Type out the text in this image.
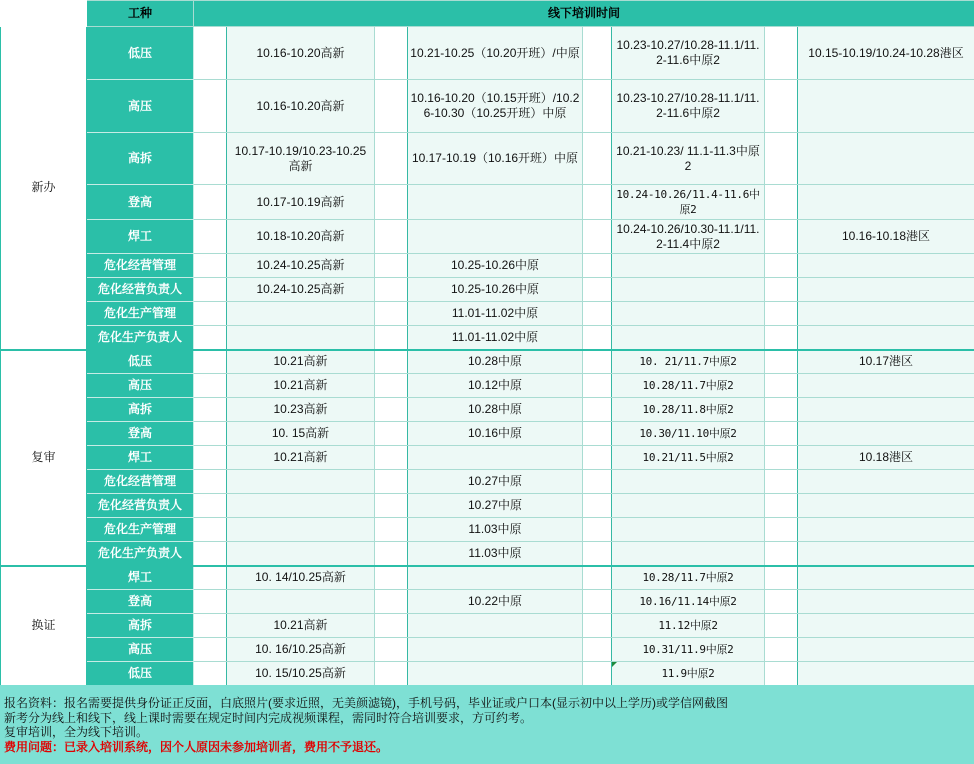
	工种	线下培训时间							
新办	低压		10.16-10.20高新		10.21-10.25（10.20开班）/中原		10.23-10.27/10.28-11.1/11.2-11.6中原2		10.15-10.19/10.24-10.28港区
	高压		10.16-10.20高新		10.16-10.20（10.15开班）/10.26-10.30（10.25开班）中原		10.23-10.27/10.28-11.1/11.2-11.6中原2		
	高拆		10.17-10.19/10.23-10.25高新		10.17-10.19（10.16开班）中原		10.21-10.23/ 11.1-11.3中原2		
	登高		10.17-10.19高新				10.24-10.26/11.4-11.6中原2		
	焊工		10.18-10.20高新				10.24-10.26/10.30-11.1/11.2-11.4中原2		10.16-10.18港区
	危化经营管理		10.24-10.25高新		10.25-10.26中原				
	危化经营负责人		10.24-10.25高新		10.25-10.26中原				
	危化生产管理				11.01-11.02中原				
	危化生产负责人				11.01-11.02中原				
复审	低压		10.21高新		10.28中原		10. 21/11.7中原2		10.17港区
	高压		10.21高新		10.12中原		10.28/11.7中原2		
	高拆		10.23高新		10.28中原		10.28/11.8中原2		
	登高		10. 15高新		10.16中原		10.30/11.10中原2		
	焊工		10.21高新				10.21/11.5中原2		10.18港区
	危化经营管理				10.27中原				
	危化经营负责人				10.27中原				
	危化生产管理				11.03中原				
	危化生产负责人				11.03中原				
换证	焊工		10. 14/10.25高新				10.28/11.7中原2		
	登高				10.22中原		10.16/11.14中原2		
	高拆		10.21高新				11.12中原2		
	高压		10. 16/10.25高新				10.31/11.9中原2		
	低压		10. 15/10.25高新				11.9中原2		

报名资料：报名需要提供身份证正反面，白底照片(要求近照，无美颜滤镜)，手机号码，毕业证或户口本(显示初中以上学历)或学信网截图

新考分为线上和线下，线上课时需要在规定时间内完成视频课程，需同时符合培训要求，方可约考。

复审培训，全为线下培训。

费用问题：已录入培训系统，因个人原因未参加培训者，费用不予退还。
